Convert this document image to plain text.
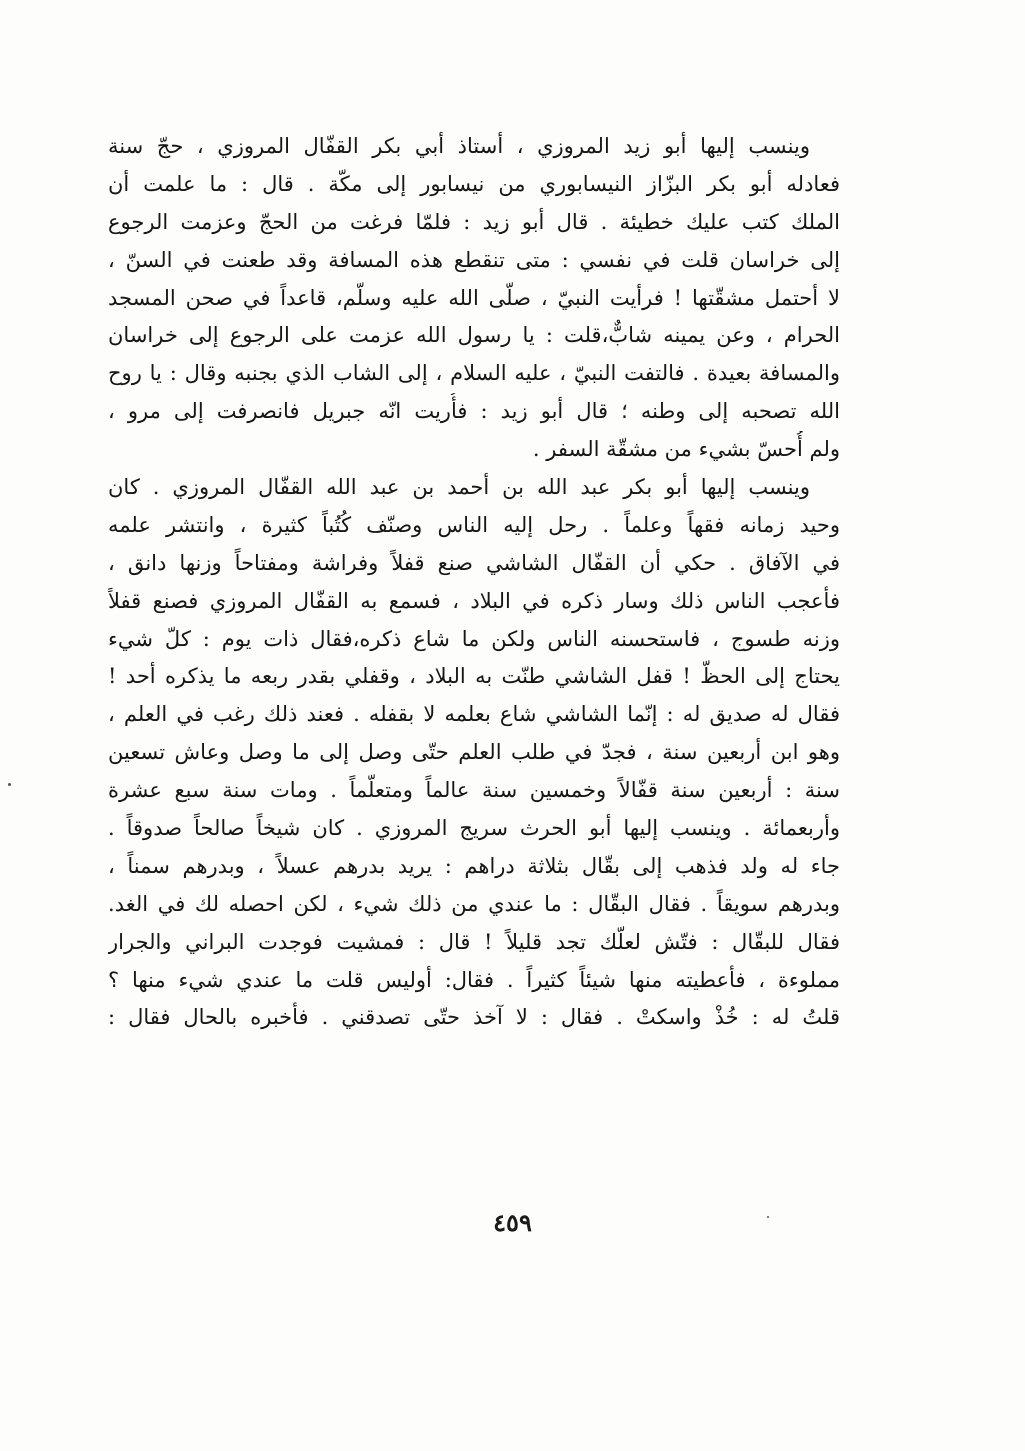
وينسب إليها أبو زيد المروزي ، أستاذ أبي بكر القفّال المروزي ، حجّ سنة
فعادله أبو بكر البزّاز النيسابوري من نيسابور إلى مكّة . قال : ما علمت أن
الملك كتب عليك خطيئة . قال أبو زيد : فلمّا فرغت من الحجّ وعزمت الرجوع
إلى خراسان قلت في نفسي : متى تنقطع هذه المسافة وقد طعنت في السنّ ،
لا أحتمل مشقّتها ! فرأيت النبيّ ، صلّى الله عليه وسلّم، قاعداً في صحن المسجد
الحرام ، وعن يمينه شابٌّ،قلت : يا رسول الله عزمت على الرجوع إلى خراسان
والمسافة بعيدة . فالتفت النبيّ ، عليه السلام ، إلى الشاب الذي بجنبه وقال : يا روح
الله تصحبه إلى وطنه ؛ قال أبو زيد : فأُريت انّه جبريل فانصرفت إلى مرو ،
ولم أُحسّ بشيء من مشقّة السفر .
وينسب إليها أبو بكر عبد الله بن أحمد بن عبد الله القفّال المروزي . كان
وحيد زمانه فقهاً وعلماً . رحل إليه الناس وصنّف كُتُباً كثيرة ، وانتشر علمه
في الآفاق . حكي أن القفّال الشاشي صنع قفلاً وفراشة ومفتاحاً وزنها دانق ،
فأعجب الناس ذلك وسار ذكره في البلاد ، فسمع به القفّال المروزي فصنع قفلاً
وزنه طسوج ، فاستحسنه الناس ولكن ما شاع ذكره،فقال ذات يوم : كلّ شيء
يحتاج إلى الحظّ ! قفل الشاشي طنّت به البلاد ، وقفلي بقدر ربعه ما يذكره أحد !
فقال له صديق له : إنّما الشاشي شاع بعلمه لا بقفله . فعند ذلك رغب في العلم ،
وهو ابن أربعين سنة ، فجدّ في طلب العلم حتّى وصل إلى ما وصل وعاش تسعين
سنة : أربعين سنة قفّالاً وخمسين سنة عالماً ومتعلّماً . ومات سنة سبع عشرة
وأربعمائة . وينسب إليها أبو الحرث سريج المروزي . كان شيخاً صالحاً صدوقاً .
جاء له ولد فذهب إلى بقّال بثلاثة دراهم : يريد بدرهم عسلاً ، وبدرهم سمناً ،
وبدرهم سويقاً . فقال البقّال : ما عندي من ذلك شيء ، لكن احصله لك في الغد.
فقال للبقّال : فتّش لعلّك تجد قليلاً ! قال : فمشيت فوجدت البراني والجرار
مملوءة ، فأعطيته منها شيئاً كثيراً . فقال: أوليس قلت ما عندي شيء منها ؟
قلتُ له : خُذْ واسكتْ . فقال : لا آخذ حتّى تصدقني . فأخبره بالحال فقال :
٤٥٩
